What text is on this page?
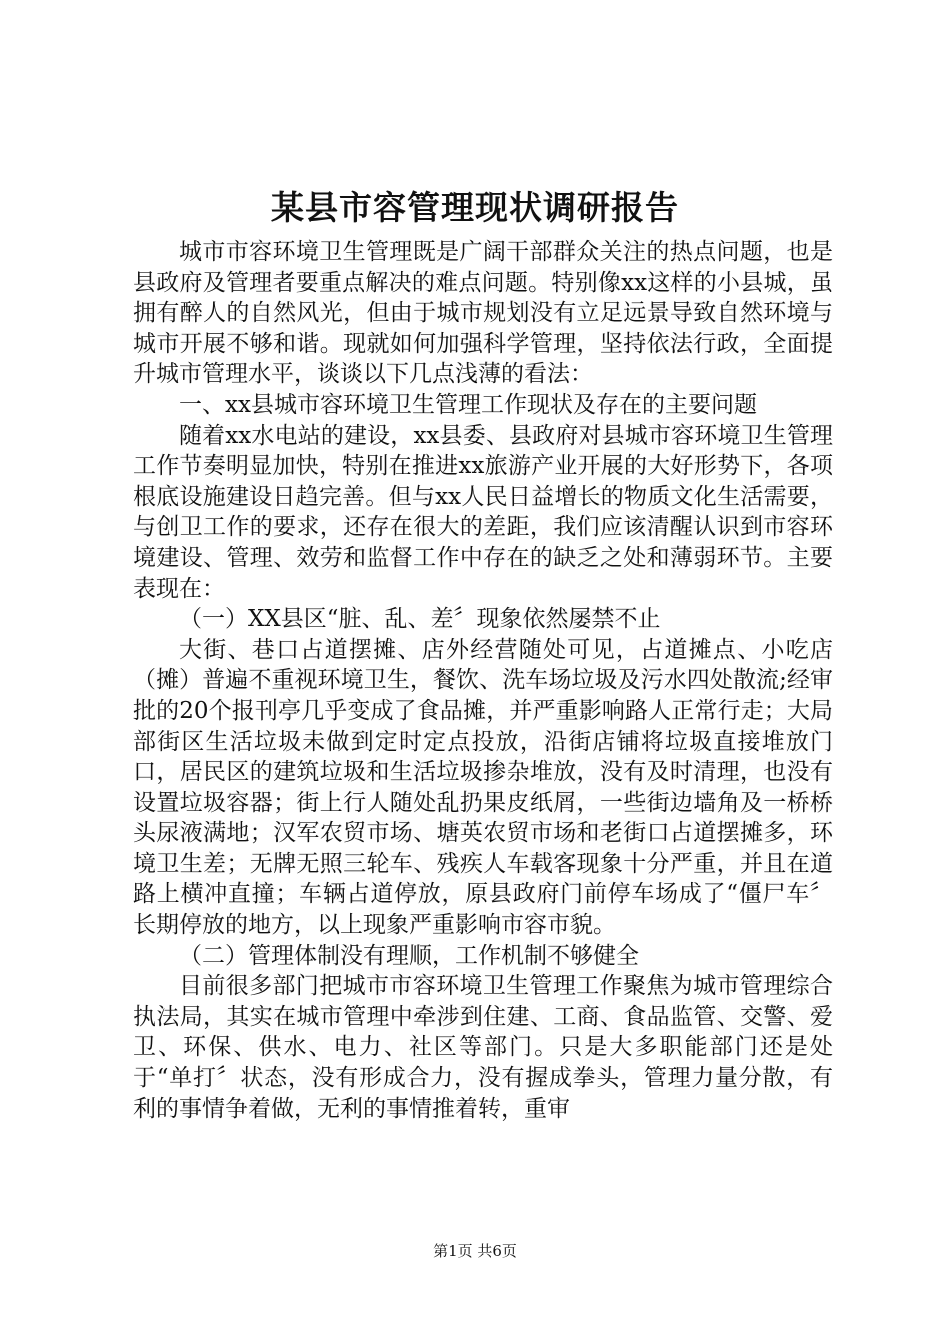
某县市容管理现状调研报告

城市市容环境卫生管理既是广阔干部群众关注的热点问题，也是县政府及管理者要重点解决的难点问题。特别像xx这样的小县城，虽拥有醉人的自然风光，但由于城市规划没有立足远景导致自然环境与城市开展不够和谐。现就如何加强科学管理，坚持依法行政，全面提升城市管理水平，谈谈以下几点浅薄的看法：

一、xx县城市容环境卫生管理工作现状及存在的主要问题

随着xx水电站的建设，xx县委、县政府对县城市容环境卫生管理工作节奏明显加快，特别在推进xx旅游产业开展的大好形势下，各项根底设施建设日趋完善。但与xx人民日益增长的物质文化生活需要，与创卫工作的要求，还存在很大的差距，我们应该清醒认识到市容环境建设、管理、效劳和监督工作中存在的缺乏之处和薄弱环节。主要表现在：

（一）XX县区“脏、乱、差〞现象依然屡禁不止

大街、巷口占道摆摊、店外经营随处可见，占道摊点、小吃店（摊）普遍不重视环境卫生，餐饮、洗车场垃圾及污水四处散流;经审批的20个报刊亭几乎变成了食品摊，并严重影响路人正常行走；大局部街区生活垃圾未做到定时定点投放，沿街店铺将垃圾直接堆放门口，居民区的建筑垃圾和生活垃圾掺杂堆放，没有及时清理，也没有设置垃圾容器；街上行人随处乱扔果皮纸屑，一些街边墙角及一桥桥头尿液满地；汉军农贸市场、塘英农贸市场和老街口占道摆摊多，环境卫生差；无牌无照三轮车、残疾人车载客现象十分严重，并且在道路上横冲直撞；车辆占道停放，原县政府门前停车场成了“僵尸车〞长期停放的地方，以上现象严重影响市容市貌。

（二）管理体制没有理顺，工作机制不够健全

目前很多部门把城市市容环境卫生管理工作聚焦为城市管理综合执法局，其实在城市管理中牵涉到住建、工商、食品监管、交警、爱卫、环保、供水、电力、社区等部门。只是大多职能部门还是处于“单打〞状态，没有形成合力，没有握成拳头，管理力量分散，有利的事情争着做，无利的事情推着转，重审

第1页 共6页
